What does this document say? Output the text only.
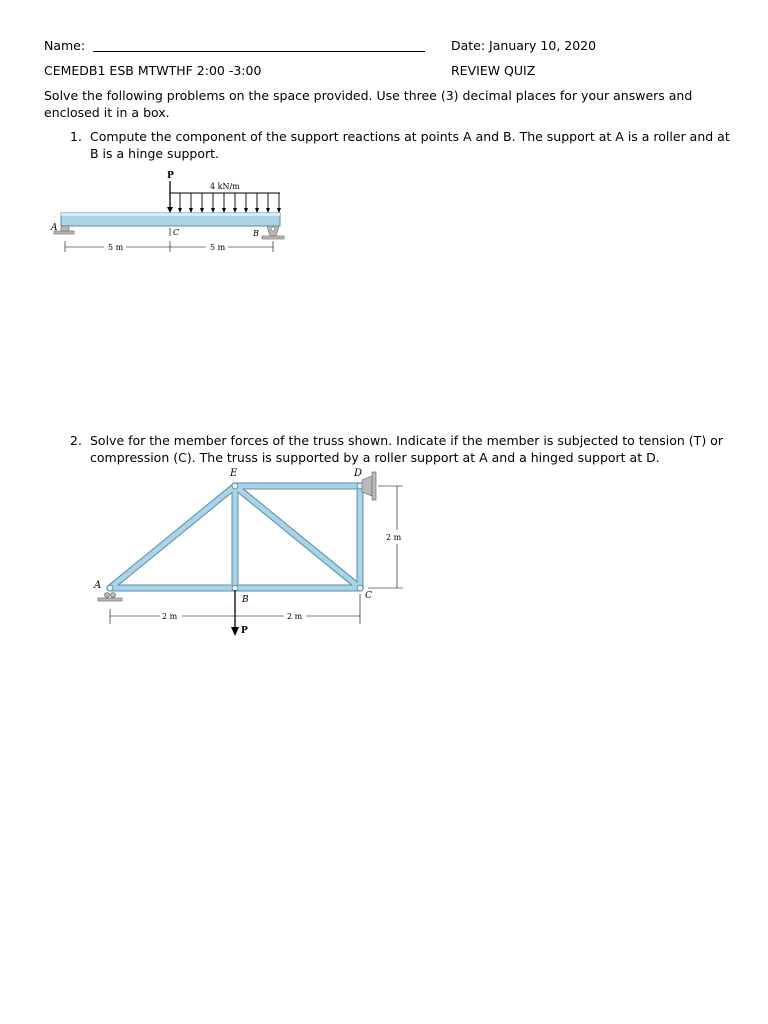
Name:	Date: January 10, 2020
CEMEDB1 ESB MTWTHF 2:00 -3:00	REVIEW QUIZ
Solve the following problems on the space provided. Use three (3) decimal places for your answers and enclosed it in a box.
1. Compute the component of the support reactions at points A and B. The support at A is a roller and at B is a hinge support.
P
4 kN/m
A
B
C
5 m	5 m
2. Solve for the member forces of the truss shown. Indicate if the member is subjected to tension (T) or compression (C). The truss is supported by a roller support at A and a hinged support at D.
E	D
A
B	C
P
2 m	2 m
2 m
